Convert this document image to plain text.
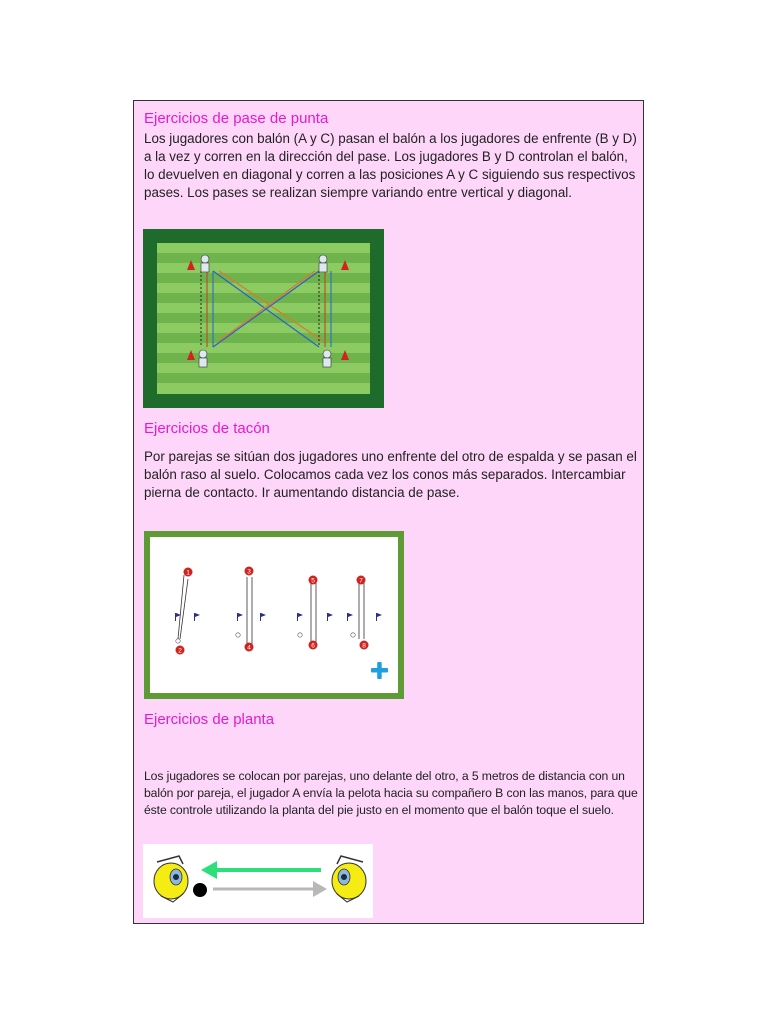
Ejercicios de pase de punta

Los jugadores con balón (A y C) pasan el balón a los jugadores de enfrente (B y D) a la vez y corren en la dirección del pase. Los jugadores B y D controlan el balón, lo devuelven en diagonal y corren a las posiciones A y C siguiendo sus respectivos pases. Los pases se realizan siempre variando entre vertical y diagonal.

Ejercicios de tacón

Por parejas se sitúan dos jugadores uno enfrente del otro de espalda y se pasan el balón raso al suelo. Colocamos cada vez los conos más separados. Intercambiar pierna de contacto. Ir aumentando distancia de pase.

1
2
3
4
5
6
7
8
Ejercicios de planta

Los jugadores se colocan por parejas, uno delante del otro, a 5 metros de distancia con un balón por pareja, el jugador A envía la pelota hacia su compañero B con las manos, para que éste controle utilizando la planta del pie justo en el momento que el balón toque el suelo.
